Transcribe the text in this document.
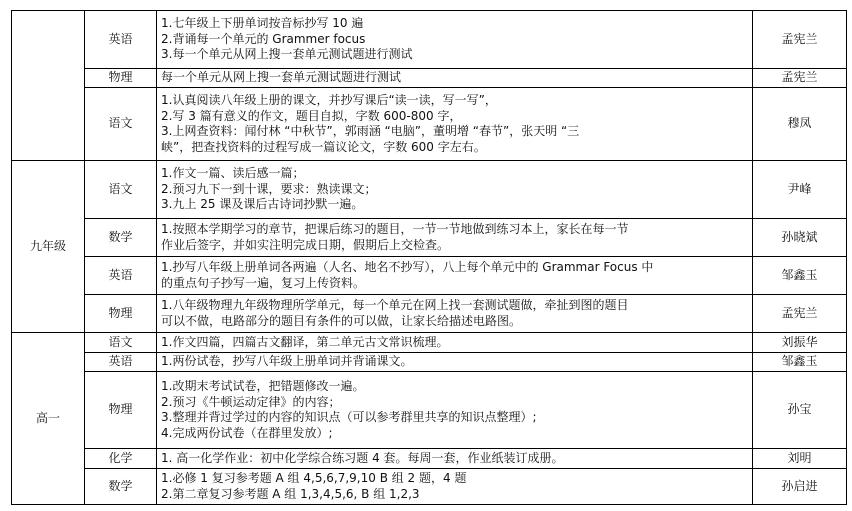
	英语	1.七年级上下册单词按音标抄写 10 遍
2.背诵每一个单元的 Grammer focus
3.每一个单元从网上搜一套单元测试题进行测试	孟宪兰
	物理	每一个单元从网上搜一套单元测试题进行测试	孟宪兰
	语文	1.认真阅读八年级上册的课文，并抄写课后“读一读，写一写”，
2.写 3 篇有意义的作文，题目自拟，字数 600-800 字，
3.上网查资料：闻付林 “中秋节”，郭雨涵 “电脑”，董明增 “春节”，张天明 “三
峡”，把查找资料的过程写成一篇议论文，字数 600 字左右。	穆凤
九年级	语文	1.作文一篇、读后感一篇；
2.预习九下一到十课，要求：熟读课文；
3.九上 25 课及课后古诗词抄默一遍。	尹峰
	数学	1.按照本学期学习的章节，把课后练习的题目，一节一节地做到练习本上，家长在每一节
作业后签字，并如实注明完成日期，假期后上交检查。	孙晓斌
	英语	1.抄写八年级上册单词各两遍（人名、地名不抄写），八上每个单元中的 Grammar Focus 中
的重点句子抄写一遍，复习上传资料。	邹鑫玉
	物理	1.八年级物理九年级物理所学单元，每一个单元在网上找一套测试题做，牵扯到图的题目
可以不做，电路部分的题目有条件的可以做，让家长给描述电路图。	孟宪兰
高一	语文	1.作文四篇，四篇古文翻译，第二单元古文常识梳理。	刘振华
	英语	1.两份试卷，抄写八年级上册单词并背诵课文。	邹鑫玉
	物理	1.改期末考试试卷，把错题修改一遍。
2.预习《牛顿运动定律》的内容；
3.整理并背过学过的内容的知识点（可以参考群里共享的知识点整理）;
4.完成两份试卷（在群里发放）;	孙宝
	化学	1. 高一化学作业：初中化学综合练习题 4 套。每周一套，作业纸装订成册。	刘明
	数学	1.必修 1 复习参考题 A 组 4,5,6,7,9,10 B 组 2 题，4 题
2.第二章复习参考题 A 组 1,3,4,5,6, B 组 1,2,3	孙启进
